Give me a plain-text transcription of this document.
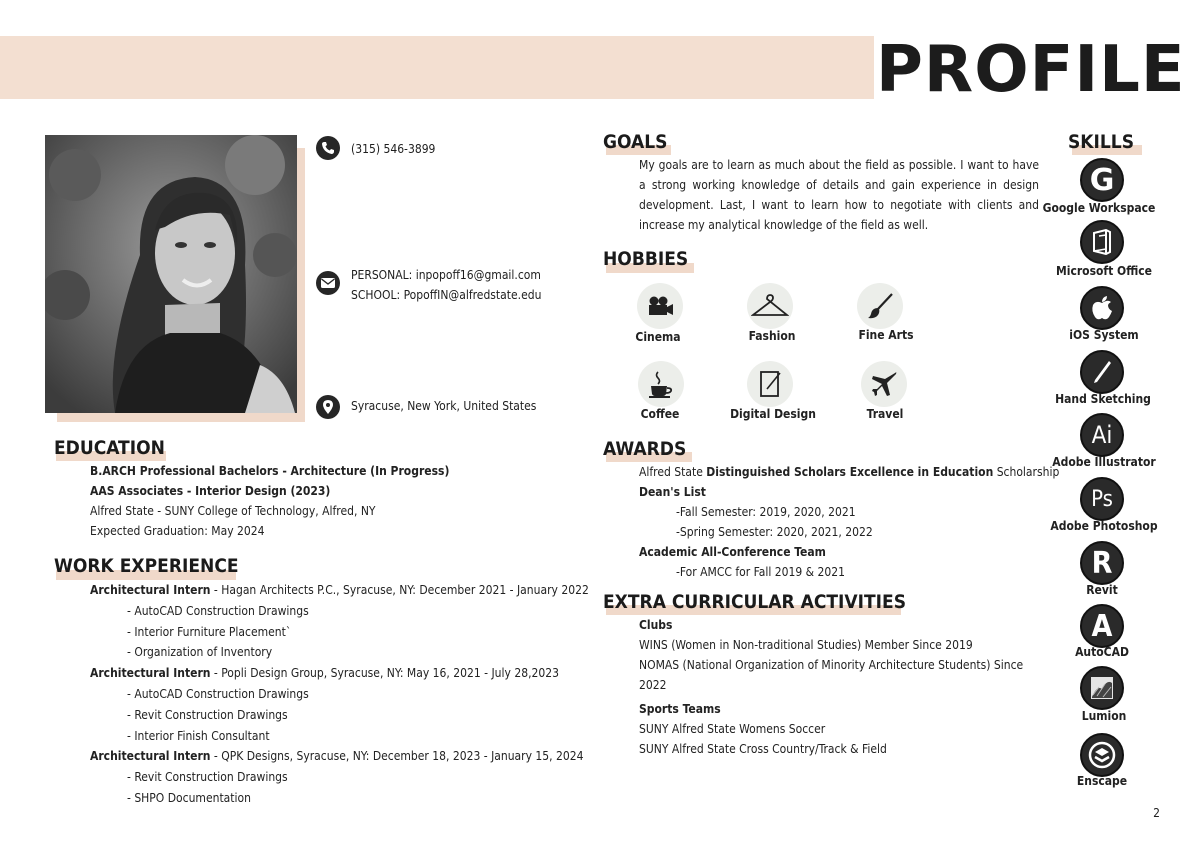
PROFILE
(315) 546-3899
PERSONAL: inpopoff16@gmail.com
SCHOOL: PopoffIN@alfredstate.edu
Syracuse, New York, United States
EDUCATION
B.ARCH Professional Bachelors - Architecture (In Progress)
AAS Associates - Interior Design (2023)
Alfred State - SUNY College of Technology, Alfred, NY
Expected Graduation: May 2024
WORK EXPERIENCE
Architectural Intern - Hagan Architects P.C., Syracuse, NY: December 2021 - January 2022
- AutoCAD Construction Drawings
- Interior Furniture Placement`
- Organization of Inventory
Architectural Intern - Popli Design Group, Syracuse, NY: May 16, 2021 - July 28,2023
- AutoCAD Construction Drawings
- Revit Construction Drawings
- Interior Finish Consultant
Architectural Intern - QPK Designs, Syracuse, NY: December 18, 2023 - January 15, 2024
- Revit Construction Drawings
- SHPO Documentation
GOALS
My goals are to learn as much about the field as possible. I want to have a strong working knowledge of details and gain experience in design development. Last, I want to learn how to negotiate with clients and increase my analytical knowledge of the field as well.
HOBBIES
Cinema	Fashion	Fine Arts
Coffee	Digital Design	Travel
AWARDS
Alfred State Distinguished Scholars Excellence in Education Scholarship
Dean's List
-Fall Semester: 2019, 2020, 2021
-Spring Semester: 2020, 2021, 2022
Academic All-Conference Team
-For AMCC for Fall 2019 & 2021
EXTRA CURRICULAR ACTIVITIES
Clubs
WINS (Women in Non-traditional Studies) Member Since 2019
NOMAS (National Organization of Minority Architecture Students) Since
2022
Sports Teams
SUNY Alfred State Womens Soccer
SUNY Alfred State Cross Country/Track & Field
SKILLS
G
Google Workspace
Microsoft Office
iOS System
Hand Sketching
Ai
Adobe Illustrator
Ps
Adobe Photoshop
R
Revit
A
AutoCAD
Lumion
Enscape
2
